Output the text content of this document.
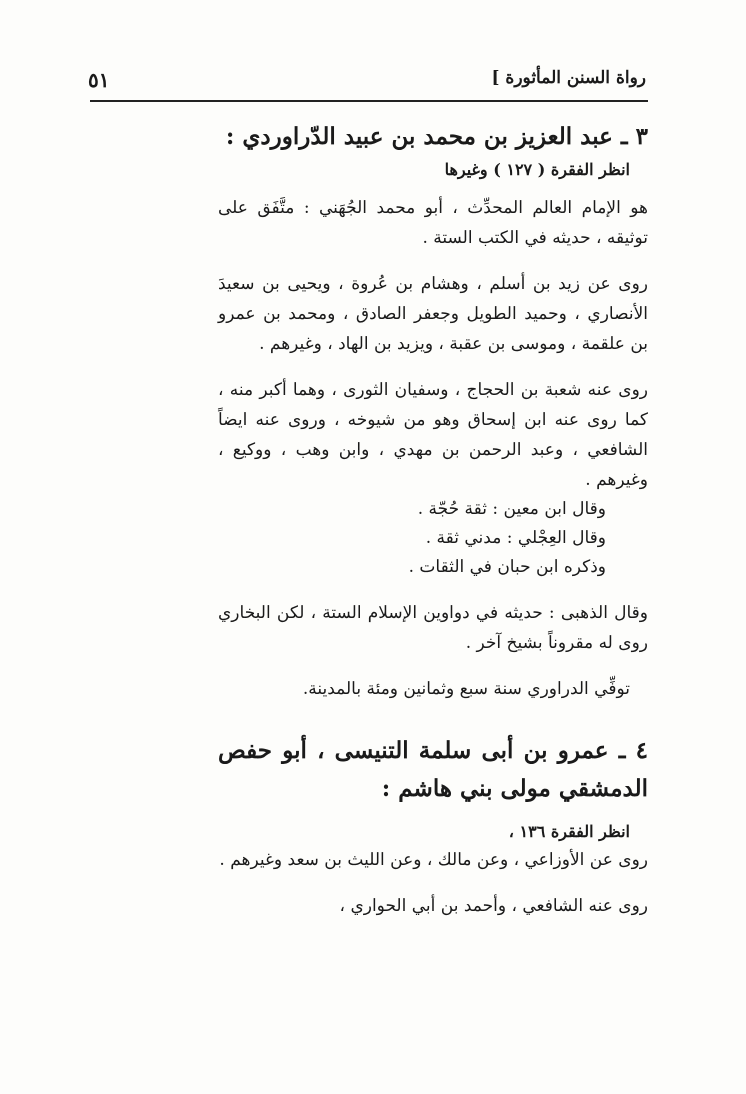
رواة السنن المأثورة ]
٥١
٣ ـ عبد العزيز بن محمد بن عبيد الدّراوردي :

انظر الفقرة ( ١٢٧ ) وغيرها

هو الإمام العالم المحدِّث ، أبو محمد الجُهَني : متَّفَق على توثيقه ، حديثه في الكتب الستة .

روى عن زيد بن أسلم ، وهشام بن عُروة ، ويحيى بن سعيدَ الأنصاري ، وحميد الطويل وجعفر الصادق ، ومحمد بن عمرو بن علقمة ، وموسى بن عقبة ، ويزيد بن الهاد ، وغيرهم .

روى عنه شعبة بن الحجاج ، وسفيان الثورى ، وهما أكبر منه ، كما روى عنه ابن إسحاق وهو من شيوخه ، وروى عنه ايضاً الشافعي ، وعبد الرحمن بن مهدي ، وابن وهب ، ووكيع ، وغيرهم .

وقال ابن معين : ثقة حُجّة .

وقال العِجْلي : مدني ثقة .

وذكره ابن حبان في الثقات .

وقال الذهبى : حديثه في دواوين الإسلام الستة ، لكن البخاري روى له مقروناً بشيخ آخر .

توفِّي الدراوري سنة سبع وثمانين ومئة بالمدينة.

٤ ـ عمرو بن أبى سلمة التنيسى ، أبو حفص الدمشقي مولى بني هاشم :

انظر الفقرة ١٣٦ ،

روى عن الأوزاعي ، وعن مالك ، وعن الليث بن سعد وغيرهم .

روى عنه الشافعي ، وأحمد بن أبي الحواري ،
